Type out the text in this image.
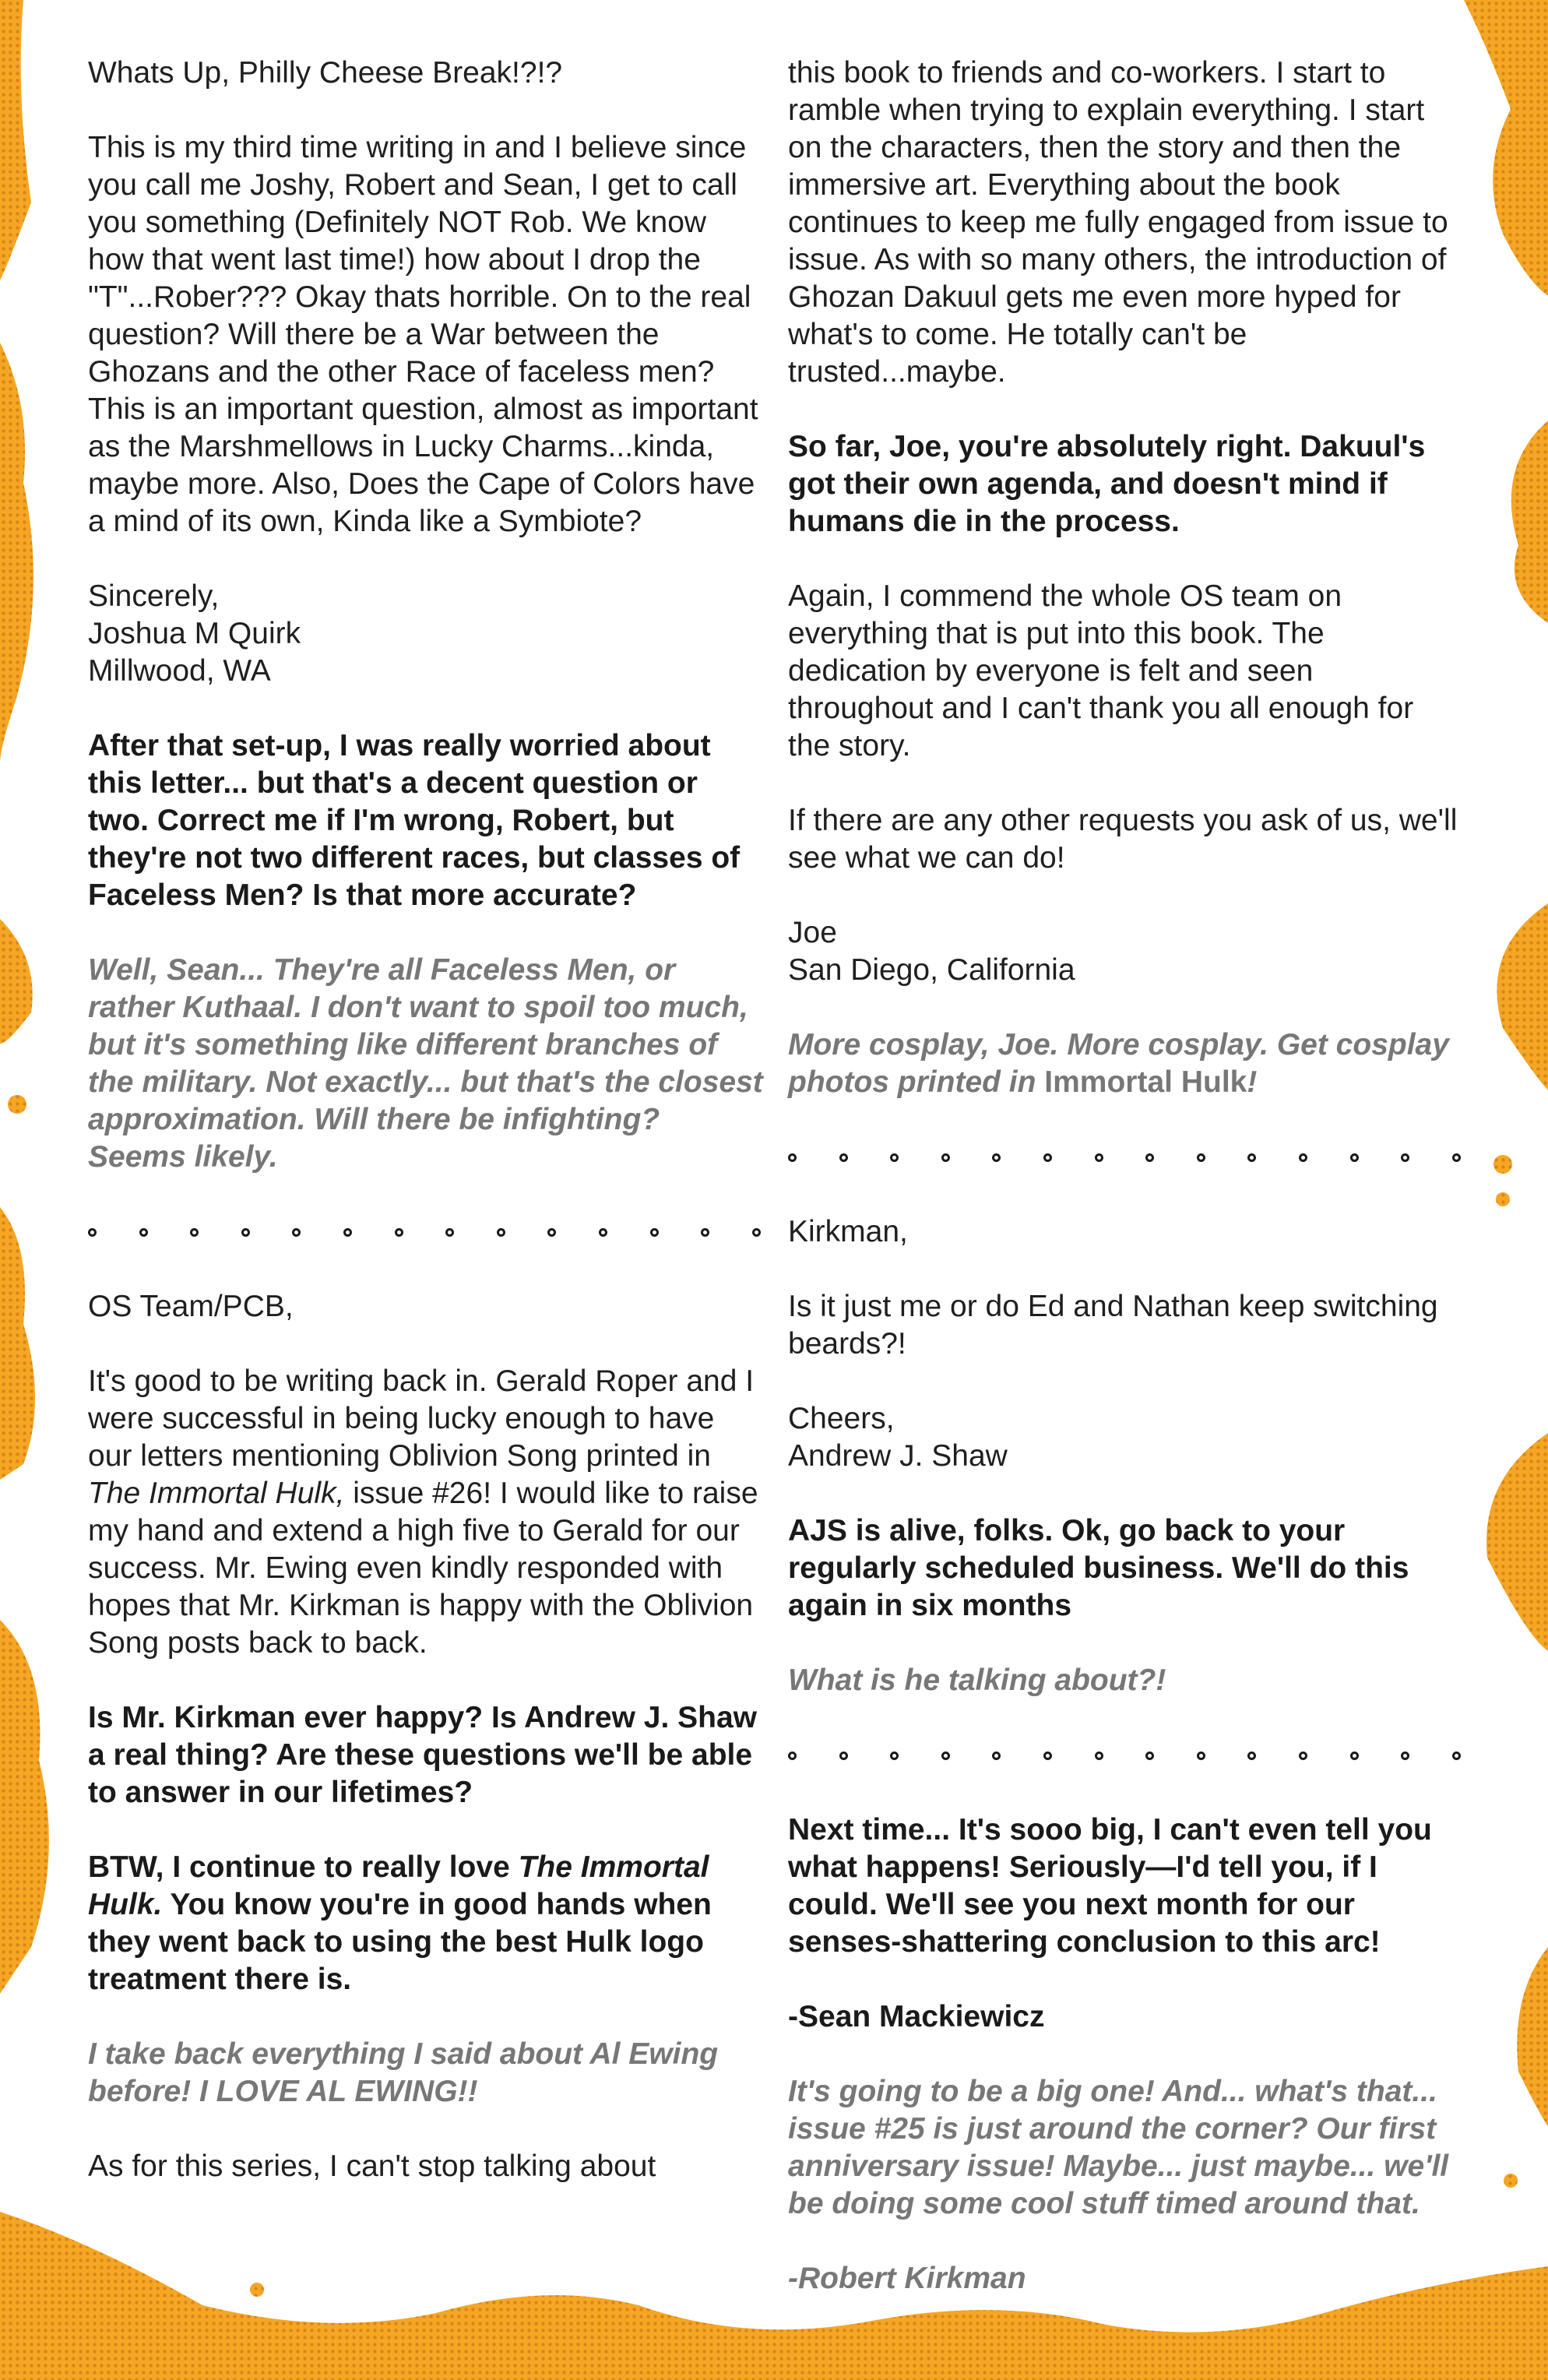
Whats Up, Philly Cheese Break!?!?

This is my third time writing in and I believe since you call me Joshy, Robert and Sean, I get to call you something (Definitely NOT Rob. We know how that went last time!) how about I drop the "T"...Rober??? Okay thats horrible. On to the real question? Will there be a War between the Ghozans and the other Race of faceless men? This is an important question, almost as important as the Marshmellows in Lucky Charms...kinda, maybe more. Also, Does the Cape of Colors have a mind of its own, Kinda like a Symbiote?

Sincerely,
Joshua M Quirk
Millwood, WA

After that set-up, I was really worried about this letter... but that's a decent question or two. Correct me if I'm wrong, Robert, but they're not two different races, but classes of Faceless Men? Is that more accurate?

Well, Sean... They're all Faceless Men, or rather Kuthaal. I don't want to spoil too much, but it's something like different branches of the military. Not exactly... but that's the closest approximation. Will there be infighting? Seems likely.

OS Team/PCB,

It's good to be writing back in. Gerald Roper and I were successful in being lucky enough to have our letters mentioning Oblivion Song printed in The Immortal Hulk, issue #26! I would like to raise my hand and extend a high five to Gerald for our success. Mr. Ewing even kindly responded with hopes that Mr. Kirkman is happy with the Oblivion Song posts back to back.

Is Mr. Kirkman ever happy? Is Andrew J. Shaw a real thing? Are these questions we'll be able to answer in our lifetimes?

BTW, I continue to really love The Immortal Hulk. You know you're in good hands when they went back to using the best Hulk logo treatment there is.

I take back everything I said about Al Ewing before! I LOVE AL EWING!!

As for this series, I can't stop talking about

this book to friends and co-workers. I start to ramble when trying to explain everything. I start on the characters, then the story and then the immersive art. Everything about the book continues to keep me fully engaged from issue to issue. As with so many others, the introduction of Ghozan Dakuul gets me even more hyped for what's to come. He totally can't be trusted...maybe.

So far, Joe, you're absolutely right. Dakuul's got their own agenda, and doesn't mind if humans die in the process.

Again, I commend the whole OS team on everything that is put into this book. The dedication by everyone is felt and seen throughout and I can't thank you all enough for the story.

If there are any other requests you ask of us, we'll see what we can do!

Joe
San Diego, California

More cosplay, Joe. More cosplay. Get cosplay photos printed in Immortal Hulk!

Kirkman,

Is it just me or do Ed and Nathan keep switching beards?!

Cheers,
Andrew J. Shaw

AJS is alive, folks. Ok, go back to your regularly scheduled business. We'll do this again in six months

What is he talking about?!

Next time... It's sooo big, I can't even tell you what happens! Seriously—I'd tell you, if I could. We'll see you next month for our senses-shattering conclusion to this arc!

-Sean Mackiewicz

It's going to be a big one! And... what's that... issue #25 is just around the corner? Our first anniversary issue! Maybe... just maybe... we'll be doing some cool stuff timed around that.

-Robert Kirkman
